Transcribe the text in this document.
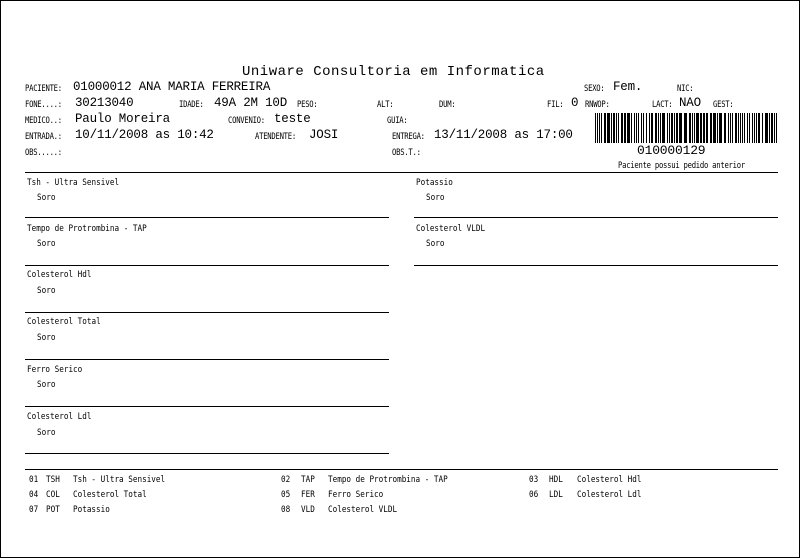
Uniware Consultoria em Informatica
PACIENTE: 01000012 ANA MARIA FERREIRA	SEXO: Fem.	NIC:
FONE....: 30213040	IDADE: 49A 2M 10D PESO:	ALT:	DUM:	FIL: 0 RNWOP:	LACT: NAO GEST:
MEDICO..: Paulo Moreira	CONVENIO: teste	GUIA:
ENTRADA.: 10/11/2008 as 10:42	ATENDENTE: JOSI	ENTREGA: 13/11/2008 as 17:00
OBS.....:	OBS.T.:	010000129
Paciente possui pedido anterior
Tsh - Ultra Sensivel
Soro
Tempo de Protrombina - TAP
Soro
Colesterol Hdl
Soro
Colesterol Total
Soro
Ferro Serico
Soro
Colesterol Ldl
Soro
Potassio
Soro
Colesterol VLDL
Soro
01 TSH Tsh - Ultra Sensivel	02 TAP Tempo de Protrombina - TAP	03 HDL Colesterol Hdl
04 COL Colesterol Total	05 FER Ferro Serico	06 LDL Colesterol Ldl
07 POT Potassio	08 VLD Colesterol VLDL
